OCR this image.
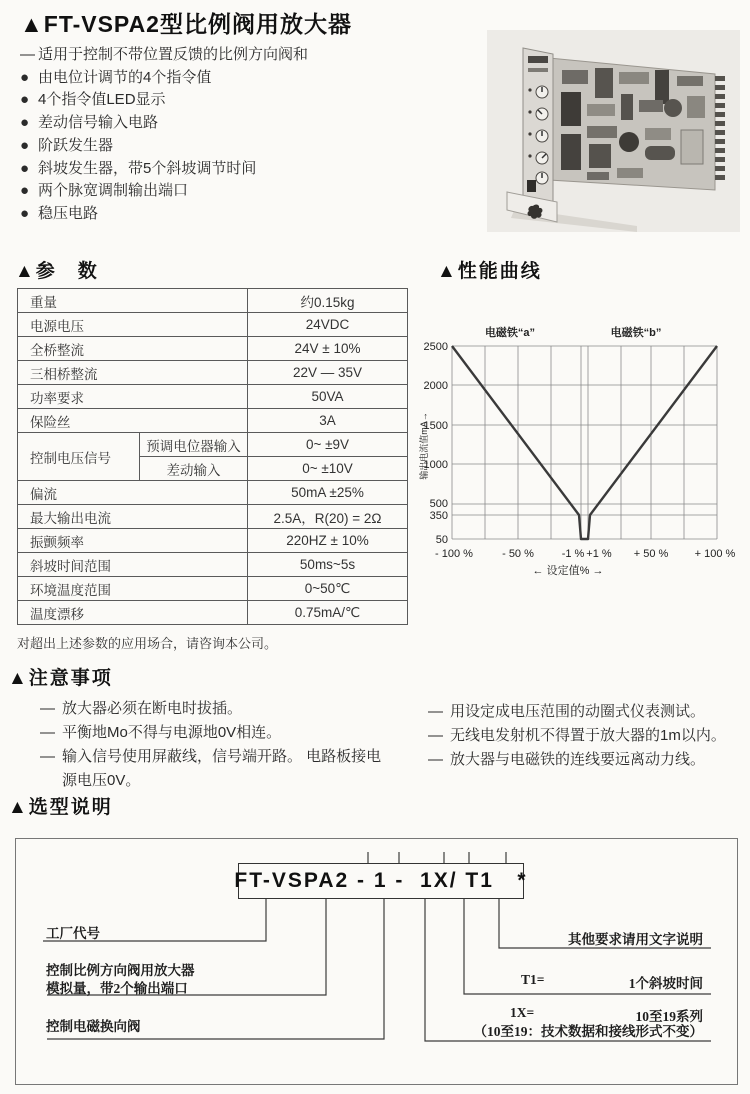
▲FT-VSPA2型比例阀用放大器
— 适用于控制不带位置反馈的比例方向阀和
● 由电位计调节的4个指令值
● 4个指令值LED显示
● 差动信号输入电路
● 阶跃发生器
● 斜坡发生器，带5个斜坡调节时间
● 两个脉宽调制输出端口
● 稳压电路
▲参　数
重量		约0.15kg
电源电压		24VDC
全桥整流		24V ± 10%
三相桥整流		22V — 35V
功率要求		50VA
保险丝		3A
控制电压信号	预调电位器输入	0~ ±9V
	差动输入	0~ ±10V
偏流		50mA ±25%
最大输出电流		2.5A，R(20) = 2Ω
振颤频率		220HZ ± 10%
斜坡时间范围		50ms~5s
环境温度范围		0~50℃
温度漂移		0.75mA/℃
对超出上述参数的应用场合，请咨询本公司。
▲性能曲线
电磁铁“a”	电磁铁“b”
2500
2000
1500
1000
500
350
50
- 100 %	- 50 %	-1 % +1 % + 50 % + 100 %
← 设定值% →
输出电流值mA→
▲注意事项
— 放大器必须在断电时拔插。
— 平衡地Mo不得与电源地0V相连。
— 输入信号使用屏蔽线，信号端开路。 电路板接电源电压0V。
— 用设定成电压范围的动圈式仪表测试。
— 无线电发射机不得置于放大器的1m以内。
— 放大器与电磁铁的连线要远离动力线。
▲选型说明
FT-VSPA2 - 1 -  1X/ T1   *
工厂代号
控制比例方向阀用放大器
模拟量，带2个输出端口
控制电磁换向阀
其他要求请用文字说明
T1=	1个斜坡时间
1X=	10至19系列
（10至19：技术数据和接线形式不变）
